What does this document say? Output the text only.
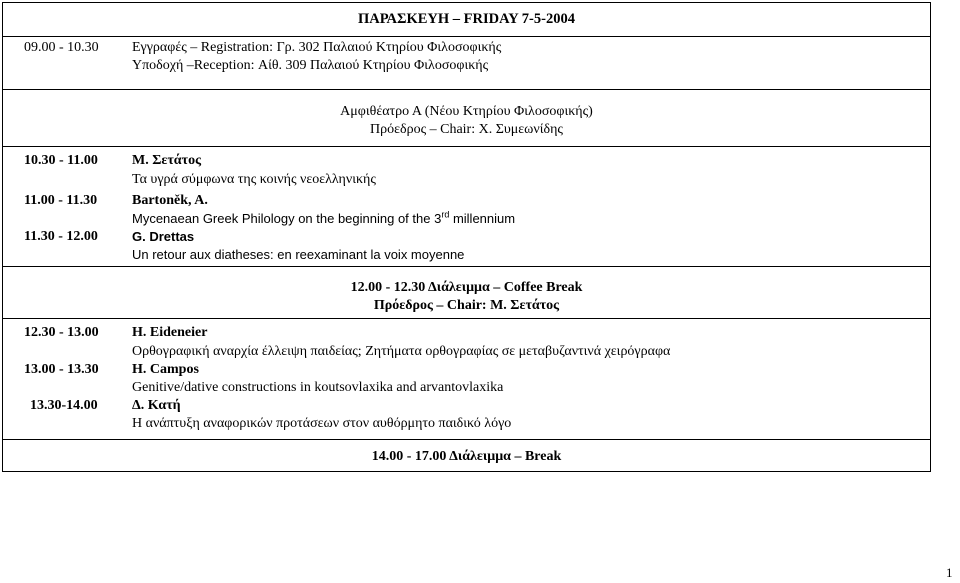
ΠΑΡΑΣΚΕΥΗ – FRIDAY 7-5-2004
09.00 - 10.30 Εγγραφές – Registration: Γρ. 302 Παλαιού Κτηρίου Φιλοσοφικής
Υποδοχή –Reception: Αίθ. 309 Παλαιού Κτηρίου Φιλοσοφικής
Αμφιθέατρο Α (Νέου Κτηρίου Φιλοσοφικής)
Πρόεδρος – Chair: Χ. Συμεωνίδης
10.30 - 11.00 Μ. Σετάτος
Τα υγρά σύμφωνα της κοινής νεοελληνικής
11.00 - 11.30 Bartoněk, A.
Mycenaean Greek Philology on the beginning of the 3rd millennium
11.30 - 12.00	G. Drettas
Un retour aux diatheses: en reexaminant la voix moyenne
12.00 - 12.30 Διάλειμμα – Coffee Break
Πρόεδρος – Chair: Μ. Σετάτος
12.30 - 13.00 H. Eideneier
Ορθογραφική αναρχία έλλειψη παιδείας; Ζητήματα ορθογραφίας σε μεταβυζαντινά χειρόγραφα
13.00 - 13.30 H. Campos
Genitive/dative constructions in koutsovlaxika and arvantovlaxika
13.30-14.00 Δ. Κατή
Η ανάπτυξη αναφορικών προτάσεων στον αυθόρμητο παιδικό λόγο
14.00 - 17.00 Διάλειμμα – Break
1
